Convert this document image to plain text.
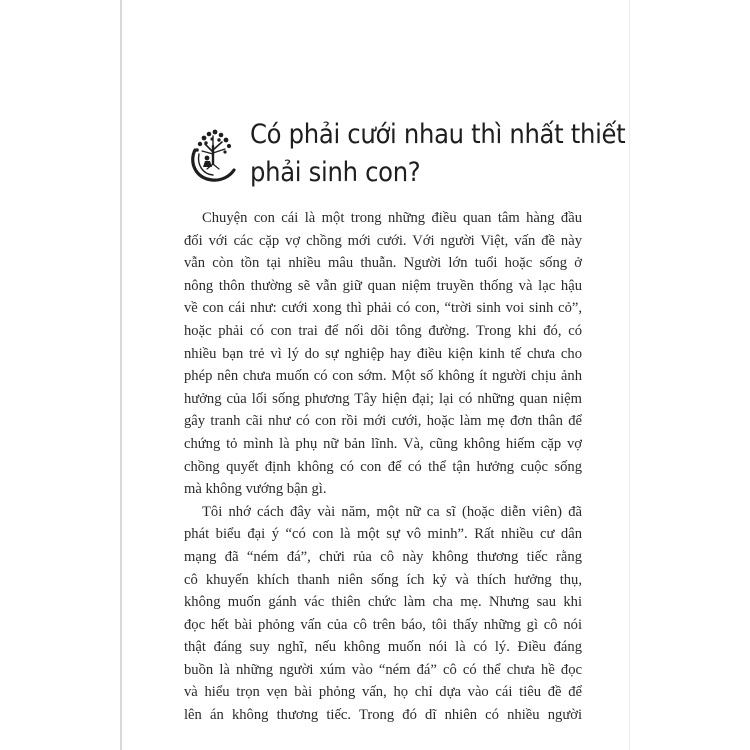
Có phải cưới nhau thì nhất thiết
phải sinh con?
Chuyện con cái là một trong những điều quan tâm hàng đầu
đối với các cặp vợ chồng mới cưới. Với người Việt, vấn đề này
vẫn còn tồn tại nhiều mâu thuẫn. Người lớn tuổi hoặc sống ở
nông thôn thường sẽ vẫn giữ quan niệm truyền thống và lạc hậu
về con cái như: cưới xong thì phải có con, “trời sinh voi sinh cỏ”,
hoặc phải có con trai để nối dõi tông đường. Trong khi đó, có
nhiều bạn trẻ vì lý do sự nghiệp hay điều kiện kinh tế chưa cho
phép nên chưa muốn có con sớm. Một số không ít người chịu ảnh
hưởng của lối sống phương Tây hiện đại; lại có những quan niệm
gây tranh cãi như có con rồi mới cưới, hoặc làm mẹ đơn thân để
chứng tỏ mình là phụ nữ bản lĩnh. Và, cũng không hiếm cặp vợ
chồng quyết định không có con để có thể tận hưởng cuộc sống
mà không vướng bận gì.
Tôi nhớ cách đây vài năm, một nữ ca sĩ (hoặc diễn viên) đã
phát biểu đại ý “có con là một sự vô minh”. Rất nhiều cư dân
mạng đã “ném đá”, chửi rủa cô này không thương tiếc rằng
cô khuyến khích thanh niên sống ích kỷ và thích hưởng thụ,
không muốn gánh vác thiên chức làm cha mẹ. Nhưng sau khi
đọc hết bài phỏng vấn của cô trên báo, tôi thấy những gì cô nói
thật đáng suy nghĩ, nếu không muốn nói là có lý. Điều đáng
buồn là những người xúm vào “ném đá” cô có thể chưa hề đọc
và hiểu trọn vẹn bài phỏng vấn, họ chỉ dựa vào cái tiêu đề để
lên án không thương tiếc. Trong đó dĩ nhiên có nhiều người
